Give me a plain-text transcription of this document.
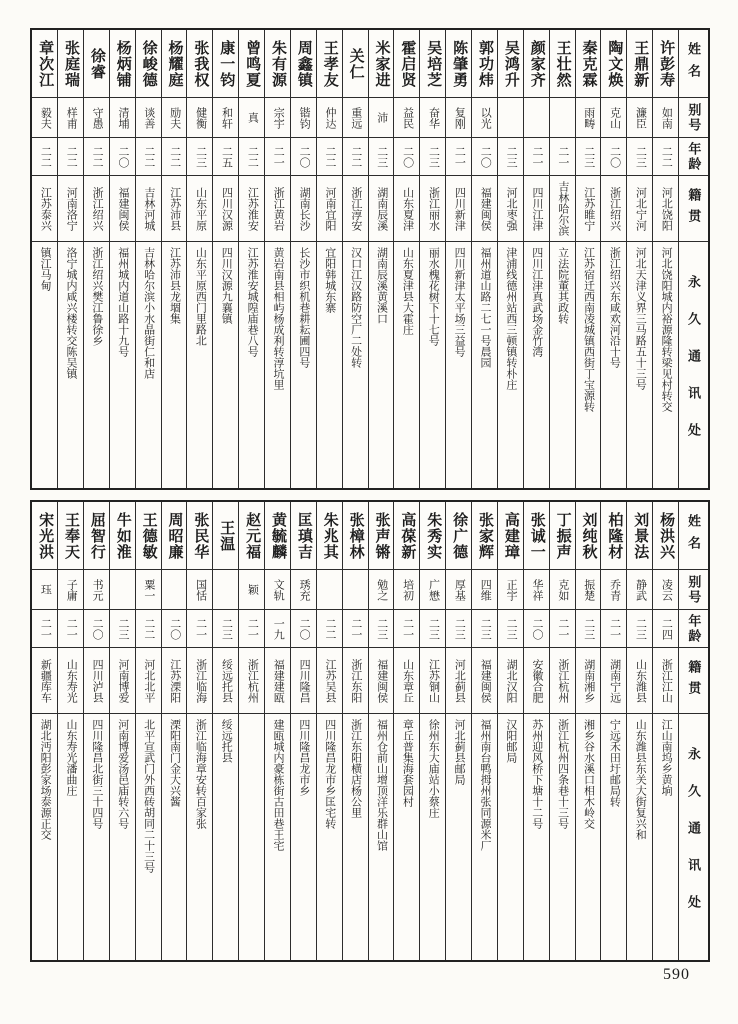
姓名
别号
年龄
籍贯
永久通讯处
许彭寿
如南
二二
河北饶阳
河北饶阳城内裕源隆转梁见村转交
王鼎新
濂臣
二三
河北宁河
河北天津义界三马路五十三号
陶文焕
克山
二〇
浙江绍兴
浙江绍兴东咸欢河沿十号
秦克霖
雨畴
二三
江苏睢宁
江苏宿迁西南凌城镇西街丁宝源转
王壮然
二一
吉林哈尔滨
立法院董其政转
颜家齐
二一
四川江津
四川江津真武场金竹湾
吴鸿升
二三
河北枣强
津浦线德州站西三顿镇转朴庄
郭功炜
以光
二〇
福建闽侯
福州道山路二七一号晨园
陈肇勇
复刚
二一
四川新津
四川新津太平场三益号
吴培芝
奋华
二三
浙江丽水
丽水槐花树下十七号
霍启贤
益民
二〇
山东夏津
山东夏津县大霍庄
米家进
沛
二三
湖南辰溪
湖南辰溪黄溪口
关仁
重远
二二
浙江淳安
汉口江汉路防空厂二处转
王孝友
仲达
二二
河南宜阳
宜阳韩城东寨
周鑫镇
锴钧
二〇
湖南长沙
长沙市织机巷耕耘圃四号
朱有源
宗宇
二一
浙江黄岩
黄岩南县相屿杨成利转淳坑里
曾鸣夏
真
二二
江苏淮安
江苏淮安城隍庙巷八号
康一钧
和轩
二五
四川汉源
四川汉源九襄镇
张我权
健衡
二三
山东平原
山东平原西门里路北
杨耀庭
励夫
二二
江苏沛县
江苏沛县龙堌集
徐峻德
谈善
二二
吉林河城
吉林哈尔滨小水晶街仁和店
杨炳铺
清埔
二〇
福建闽侯
福州城内道山路十九号
徐睿
守愚
二二
浙江绍兴
浙江绍兴樊江鲁徐乡
张庭瑞
样甫
二二
河南洛宁
洛宁城内咸兴楼转交陈吴镇
章次江
毅夫
二二
江苏泰兴
镇江马甸
姓名
别号
年龄
籍贯
永久通讯处
杨洪兴
凌云
二四
浙江江山
江山南坞乡黄垧
刘景法
静武
二三
山东潍县
山东潍县东关大街复兴和
柏隆材
乔青
二一
湖南宁远
宁远禾田圩邮局转
刘纯秋
振楚
二三
湖南湘乡
湘乡谷水溪口相木岭交
丁振声
克如
二一
浙江杭州
浙江杭州四条巷十三号
张诚一
华祥
二〇
安徽合肥
苏州迎风桥下塘十二号
高建璋
正宇
二三
湖北汉阳
汉阳邮局
张家辉
四维
二三
福建闽侯
福州南台鸭拇州张同源米厂
徐广德
厚基
二三
河北蓟县
河北蓟县邮局
朱秀实
广懋
二三
江苏铜山
徐州东大庙站小蔡庄
高葆新
培初
二一
山东章丘
章丘普集海套园村
张声锵
勉之
二三
福建闽侯
福州仓前山增顶洋乐群山馆
张樟林
二一
浙江东阳
浙江东阳横店杨公里
朱兆其
二二
江苏吴县
四川隆昌龙市乡匡宅转
匡瑱吉
琇充
二〇
四川隆昌
四川隆昌龙市乡
黄毓麟
文轨
一九
福建建瓯
建瓯城内豪栋街古田巷王宅
赵元福
颖
二一
浙江杭州
王温
二三
绥远托县
绥远托县
张民华
国恬
二一
浙江临海
浙江临海章安转百家张
周昭廉
二〇
江苏溧阳
溧阳南门金大兴酱
王德敏
粟一
二二
河北北平
北平宣武门外西砖胡同二十三号
牛如淮
二三
河南博爱
河南博爱汤邑庙转六号
屈智行
书元
二〇
四川泸县
四川隆昌北街三十四号
王奉天
子庸
二一
山东寿光
山东寿光潘曲庄
宋光洪
珏
二一
新疆库车
湖北沔阳彭家场泰源正交
590
